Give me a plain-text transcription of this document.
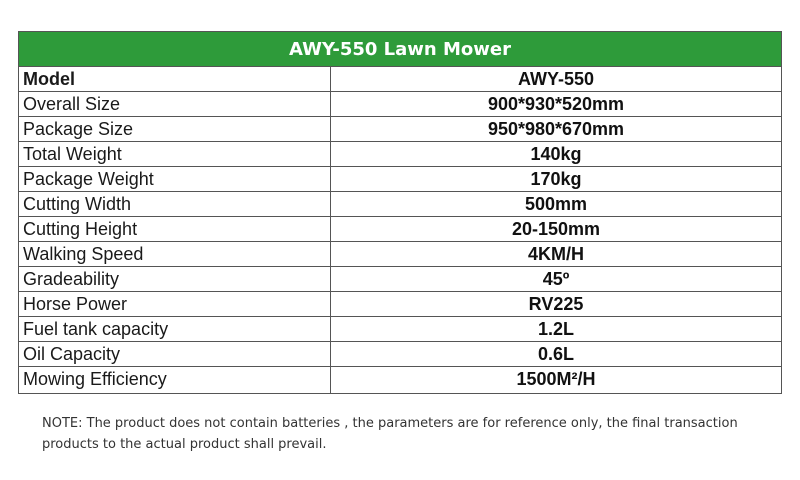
AWY-550 Lawn Mower
Model	AWY-550
Overall Size	900*930*520mm
Package Size	950*980*670mm
Total Weight	140kg
Package Weight	170kg
Cutting Width	500mm
Cutting Height	20-150mm
Walking Speed	4KM/H
Gradeability	45º
Horse Power	RV225
Fuel tank capacity	1.2L
Oil Capacity	0.6L
Mowing Efficiency	1500M²/H
NOTE: The product does not contain batteries , the parameters are for reference only, the final transaction
products to the actual product shall prevail.
